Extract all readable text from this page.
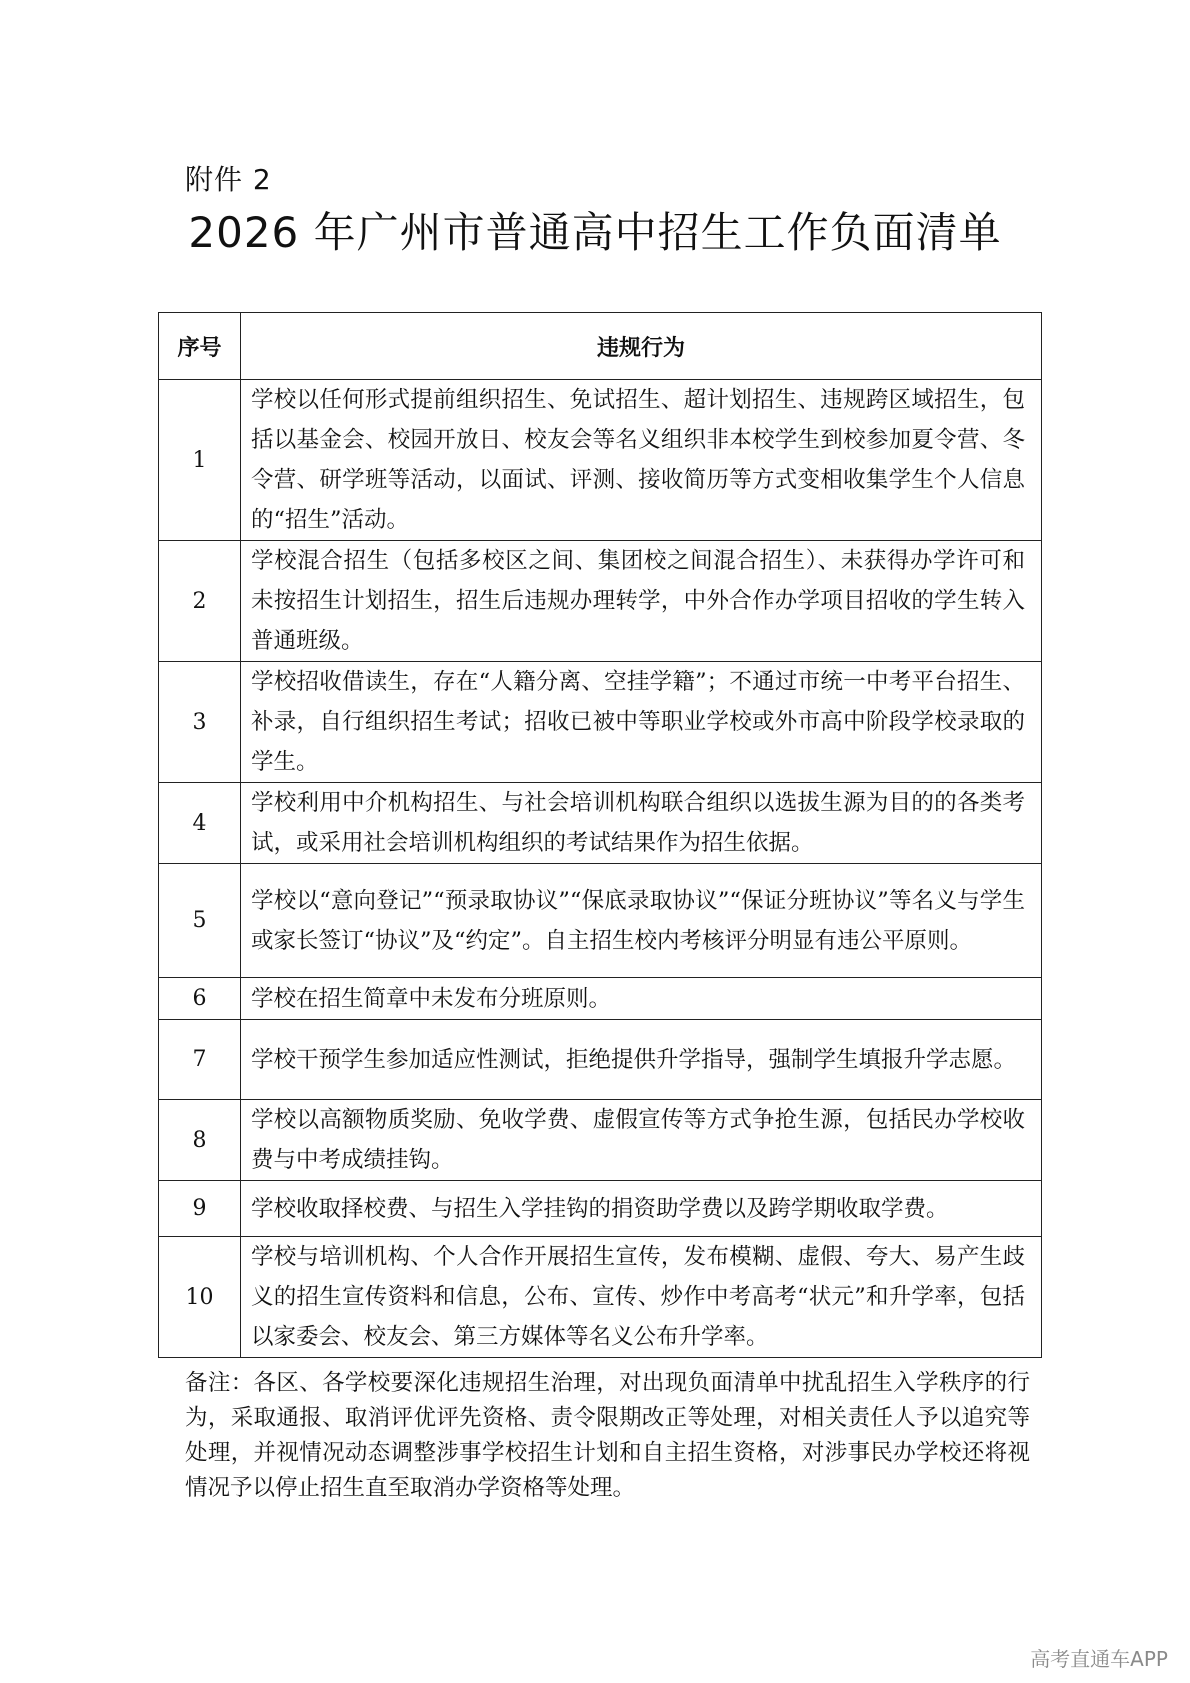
附件 2
2026 年广州市普通高中招生工作负面清单
序号	违规行为
1	学校以任何形式提前组织招生、免试招生、超计划招生、违规跨区域招生，包括以基金会、校园开放日、校友会等名义组织非本校学生到校参加夏令营、冬令营、研学班等活动，以面试、评测、接收简历等方式变相收集学生个人信息的“招生”活动。
2	学校混合招生（包括多校区之间、集团校之间混合招生）、未获得办学许可和未按招生计划招生，招生后违规办理转学，中外合作办学项目招收的学生转入普通班级。
3	学校招收借读生，存在“人籍分离、空挂学籍”；不通过市统一中考平台招生、补录，自行组织招生考试；招收已被中等职业学校或外市高中阶段学校录取的学生。
4	学校利用中介机构招生、与社会培训机构联合组织以选拔生源为目的的各类考试，或采用社会培训机构组织的考试结果作为招生依据。
5	学校以“意向登记”“预录取协议”“保底录取协议”“保证分班协议”等名义与学生或家长签订“协议”及“约定”。自主招生校内考核评分明显有违公平原则。
6	学校在招生简章中未发布分班原则。
7	学校干预学生参加适应性测试，拒绝提供升学指导，强制学生填报升学志愿。
8	学校以高额物质奖励、免收学费、虚假宣传等方式争抢生源，包括民办学校收费与中考成绩挂钩。
9	学校收取择校费、与招生入学挂钩的捐资助学费以及跨学期收取学费。
10	学校与培训机构、个人合作开展招生宣传，发布模糊、虚假、夸大、易产生歧义的招生宣传资料和信息，公布、宣传、炒作中考高考“状元”和升学率，包括以家委会、校友会、第三方媒体等名义公布升学率。
备注：各区、各学校要深化违规招生治理，对出现负面清单中扰乱招生入学秩序的行为，采取通报、取消评优评先资格、责令限期改正等处理，对相关责任人予以追究等处理，并视情况动态调整涉事学校招生计划和自主招生资格，对涉事民办学校还将视情况予以停止招生直至取消办学资格等处理。
高考直通车APP
